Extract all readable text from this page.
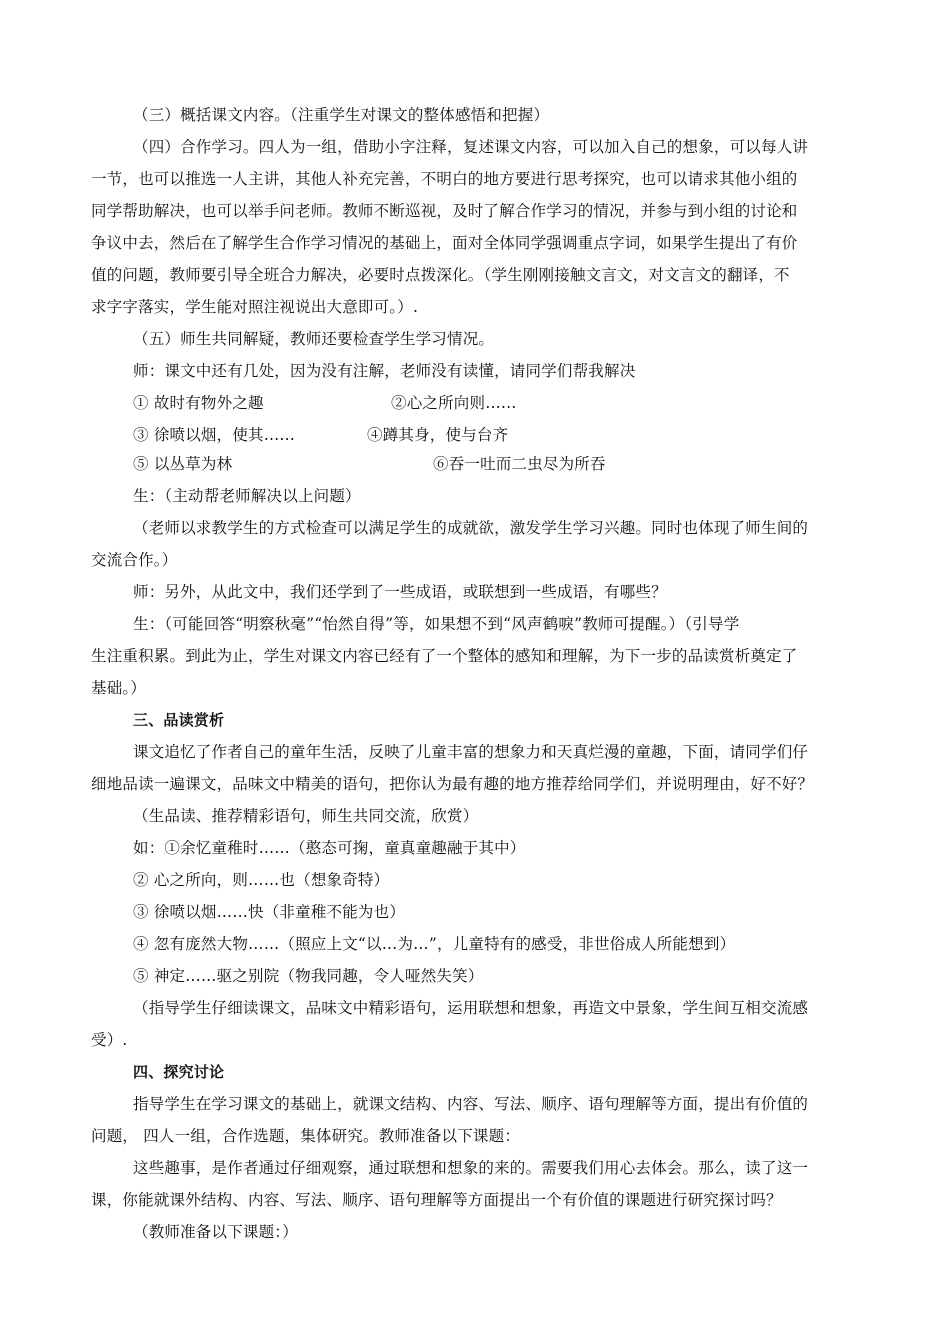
（三）概括课文内容。（注重学生对课文的整体感悟和把握）
（四）合作学习。四人为一组，借助小字注释，复述课文内容，可以加入自己的想象，可以每人讲
一节，也可以推选一人主讲，其他人补充完善，不明白的地方要进行思考探究，也可以请求其他小组的
同学帮助解决，也可以举手问老师。教师不断巡视，及时了解合作学习的情况，并参与到小组的讨论和
争议中去，然后在了解学生合作学习情况的基础上，面对全体同学强调重点字词，如果学生提出了有价
值的问题，教师要引导全班合力解决，必要时点拨深化。（学生刚刚接触文言文，对文言文的翻译，不
求字字落实，学生能对照注视说出大意即可。）.
（五）师生共同解疑，教师还要检查学生学习情况。
师：课文中还有几处，因为没有注解，老师没有读懂，请同学们帮我解决
① 故时有物外之趣	②心之所向则……
③ 徐喷以烟，使其……	④蹲其身，使与台齐
⑤ 以丛草为林	⑥吞一吐而二虫尽为所吞
生：（主动帮老师解决以上问题）
（老师以求教学生的方式检查可以满足学生的成就欲，激发学生学习兴趣。同时也体现了师生间的
交流合作。）
师：另外，从此文中，我们还学到了一些成语，或联想到一些成语，有哪些？
生：（可能回答“明察秋毫”“怡然自得”等，如果想不到“风声鹤唳”教师可提醒。）（引导学
生注重积累。到此为止，学生对课文内容已经有了一个整体的感知和理解，为下一步的品读赏析奠定了
基础。）
三、品读赏析
课文追忆了作者自己的童年生活，反映了儿童丰富的想象力和天真烂漫的童趣，下面，请同学们仔
细地品读一遍课文，品味文中精美的语句，把你认为最有趣的地方推荐给同学们，并说明理由，好不好？
（生品读、推荐精彩语句，师生共同交流，欣赏）
如：①余忆童稚时……（憨态可掬，童真童趣融于其中）
② 心之所向，则……也（想象奇特）
③ 徐喷以烟……快（非童稚不能为也）
④ 忽有庞然大物……（照应上文“以…为…”，儿童特有的感受，非世俗成人所能想到）
⑤ 神定……驱之别院（物我同趣，令人哑然失笑）
（指导学生仔细读课文，品味文中精彩语句，运用联想和想象，再造文中景象，学生间互相交流感
受）.
四、探究讨论
指导学生在学习课文的基础上，就课文结构、内容、写法、顺序、语句理解等方面，提出有价值的
问题， 四人一组，合作选题，集体研究。教师准备以下课题：
这些趣事，是作者通过仔细观察，通过联想和想象的来的。需要我们用心去体会。那么，读了这一
课，你能就课外结构、内容、写法、顺序、语句理解等方面提出一个有价值的课题进行研究探讨吗？
（教师准备以下课题：）
